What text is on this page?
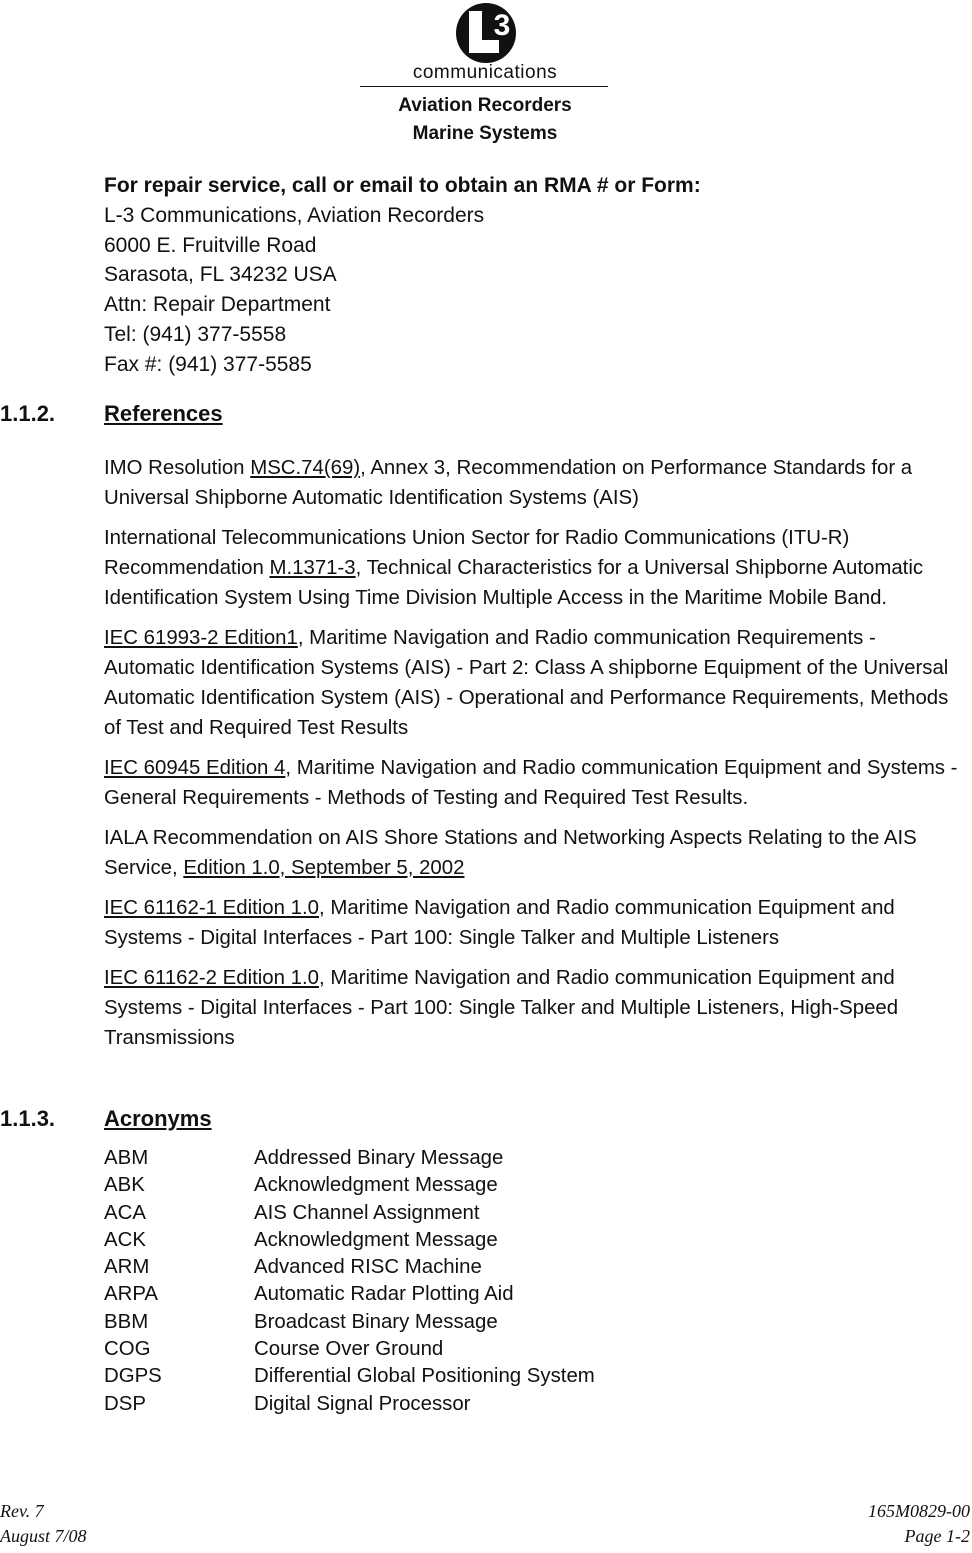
3
communications
Aviation Recorders
Marine Systems
For repair service, call or email to obtain an RMA # or Form:
L-3 Communications, Aviation Recorders
6000 E. Fruitville Road
Sarasota, FL 34232 USA
Attn: Repair Department
Tel: (941) 377-5558
Fax #: (941) 377-5585
1.1.2. References

IMO Resolution MSC.74(69), Annex 3, Recommendation on Performance Standards for a Universal Shipborne Automatic Identification Systems (AIS)

International Telecommunications Union Sector for Radio Communications (ITU-R) Recommendation M.1371-3, Technical Characteristics for a Universal Shipborne Automatic Identification System Using Time Division Multiple Access in the Maritime Mobile Band.

IEC 61993-2 Edition1, Maritime Navigation and Radio communication Requirements - Automatic Identification Systems (AIS) - Part 2: Class A shipborne Equipment of the Universal Automatic Identification System (AIS) - Operational and Performance Requirements, Methods of Test and Required Test Results

IEC 60945 Edition 4, Maritime Navigation and Radio communication Equipment and Systems - General Requirements - Methods of Testing and Required Test Results.

IALA Recommendation on AIS Shore Stations and Networking Aspects Relating to the AIS Service, Edition 1.0, September 5, 2002

IEC 61162-1 Edition 1.0, Maritime Navigation and Radio communication Equipment and Systems - Digital Interfaces - Part 100: Single Talker and Multiple Listeners

IEC 61162-2 Edition 1.0, Maritime Navigation and Radio communication Equipment and Systems - Digital Interfaces - Part 100: Single Talker and Multiple Listeners, High-Speed Transmissions

1.1.3. Acronyms
ABM	Addressed Binary Message
ABK	Acknowledgment Message
ACA	AIS Channel Assignment
ACK	Acknowledgment Message
ARM	Advanced RISC Machine
ARPA	Automatic Radar Plotting Aid
BBM	Broadcast Binary Message
COG	Course Over Ground
DGPS	Differential Global Positioning System
DSP	Digital Signal Processor
Rev. 7
August 7/08
165M0829-00
Page 1-2
